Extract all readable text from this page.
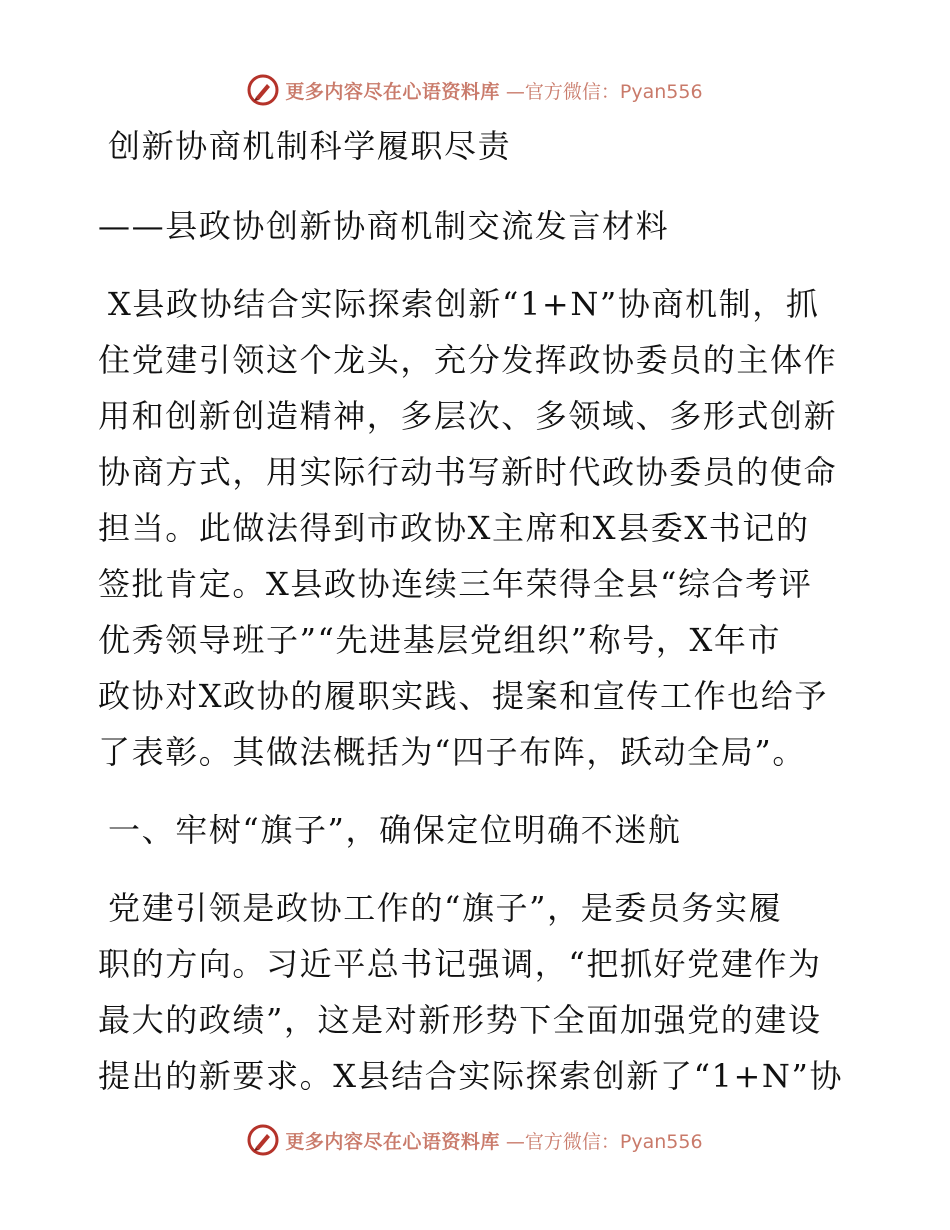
更多内容尽在心语资料库 —官方微信：Pyan556
创新协商机制科学履职尽责
——县政协创新协商机制交流发言材料
X县政协结合实际探索创新“1+N”协商机制，抓
住党建引领这个龙头，充分发挥政协委员的主体作
用和创新创造精神，多层次、多领域、多形式创新
协商方式，用实际行动书写新时代政协委员的使命
担当。此做法得到市政协X主席和X县委X书记的
签批肯定。X县政协连续三年荣得全县“综合考评
优秀领导班子”“先进基层党组织”称号，X年市
政协对X政协的履职实践、提案和宣传工作也给予
了表彰。其做法概括为“四子布阵，跃动全局”。
一、牢树“旗子”，确保定位明确不迷航
党建引领是政协工作的“旗子”，是委员务实履
职的方向。习近平总书记强调，“把抓好党建作为
最大的政绩”，这是对新形势下全面加强党的建设
提出的新要求。X县结合实际探索创新了“1+N”协
更多内容尽在心语资料库 —官方微信：Pyan556
